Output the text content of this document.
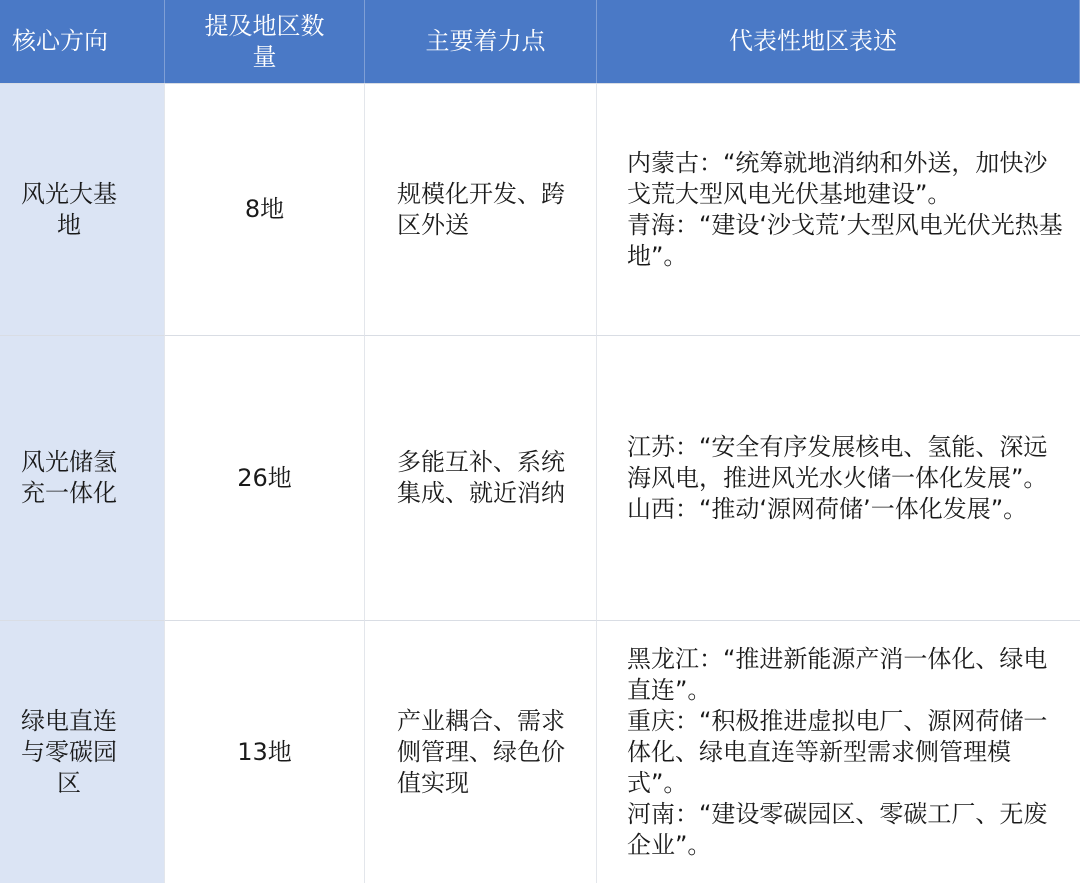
核心方向
提及地区数量
主要着力点	代表性地区表述
风光大基地
8地
规模化开发、跨区外送
内蒙古：“统筹就地消纳和外送，加快沙戈荒大型风电光伏基地建设”。
青海：“建设‘沙戈荒’大型风电光伏光热基地”。
风光储氢充一体化
26地
多能互补、系统集成、就近消纳
江苏：“安全有序发展核电、氢能、深远海风电，推进风光水火储一体化发展”。
山西：“推动‘源网荷储’一体化发展”。
绿电直连与零碳园区
13地
产业耦合、需求侧管理、绿色价值实现
黑龙江：“推进新能源产消一体化、绿电直连”。
重庆：“积极推进虚拟电厂、源网荷储一体化、绿电直连等新型需求侧管理模式”。
河南：“建设零碳园区、零碳工厂、无废企业”。
